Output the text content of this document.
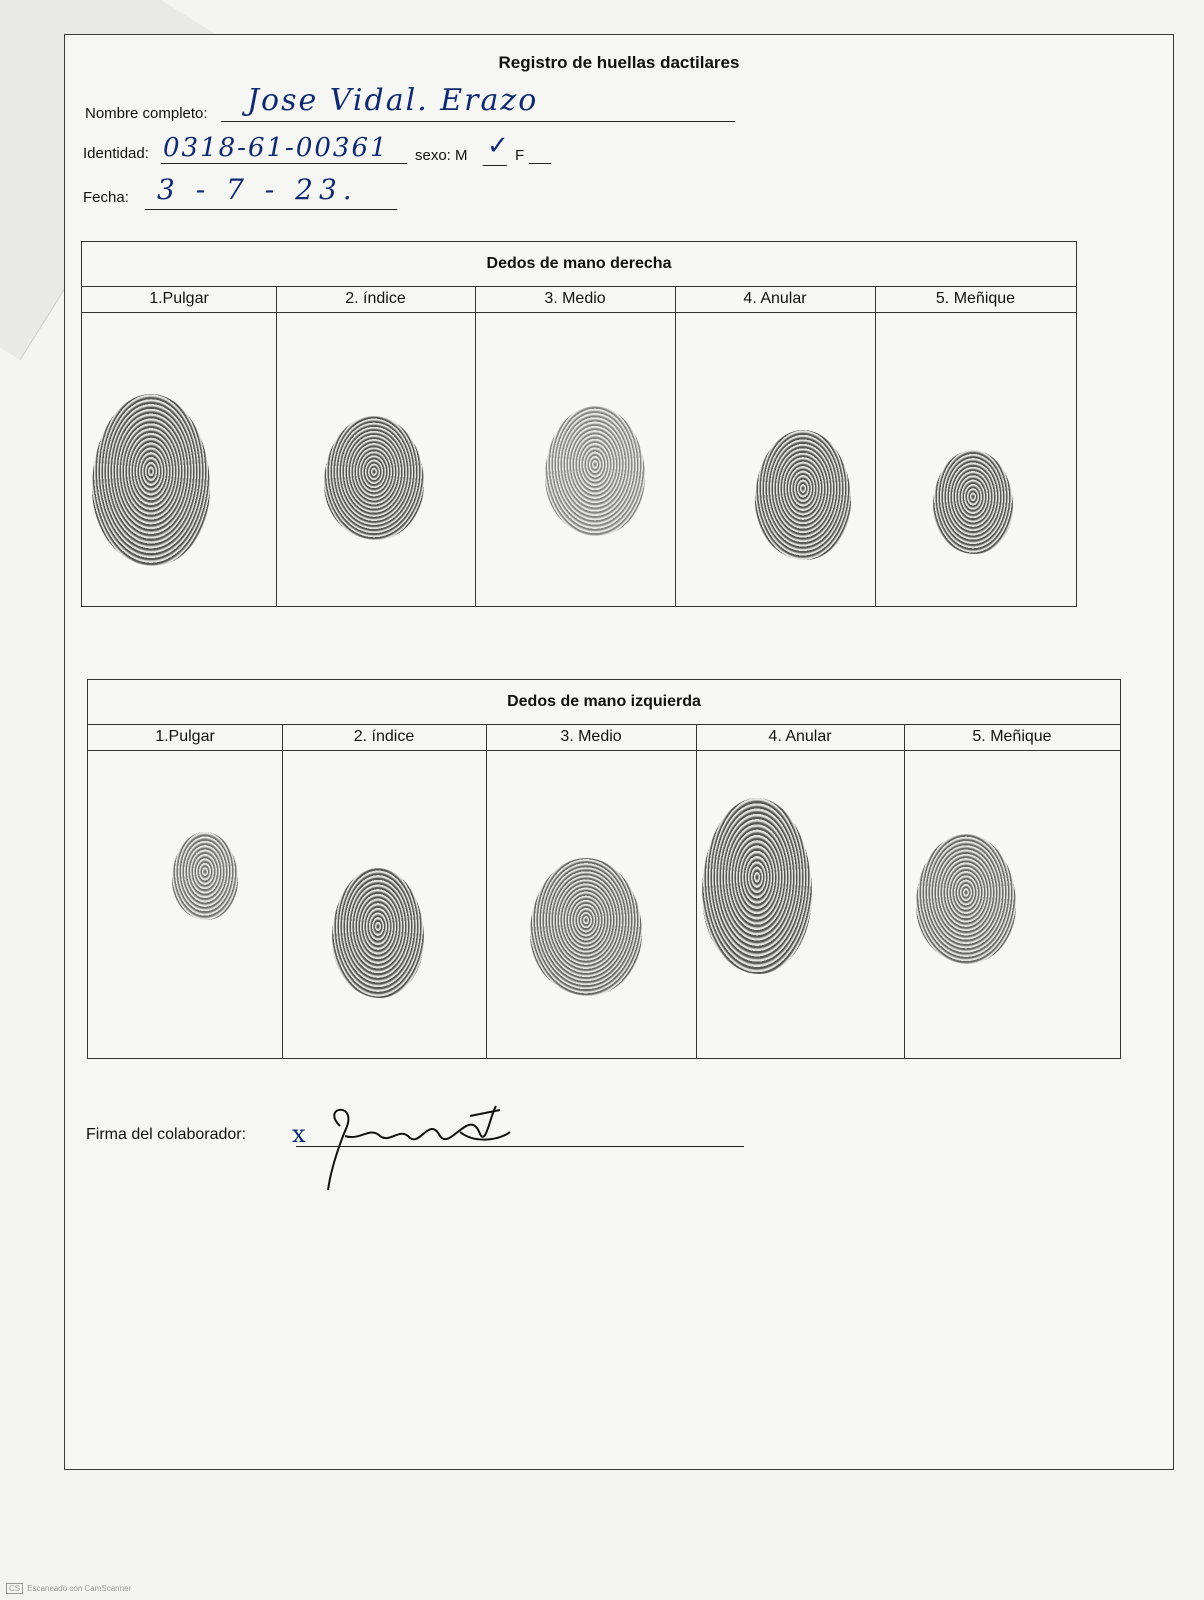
Registro de huellas dactilares
Nombre completo: Jose Vidal. Erazo
Identidad: 0318-61-00361 sexo: M ✓ F
Fecha: 3 - 7 - 23.
Dedos de mano derecha
1.Pulgar	2. índice	3. Medio	4. Anular	5. Meñique
Dedos de mano izquierda
1.Pulgar	2. índice	3. Medio	4. Anular	5. Meñique
Firma del colaborador: x
CS Escaneado con CamScanner
